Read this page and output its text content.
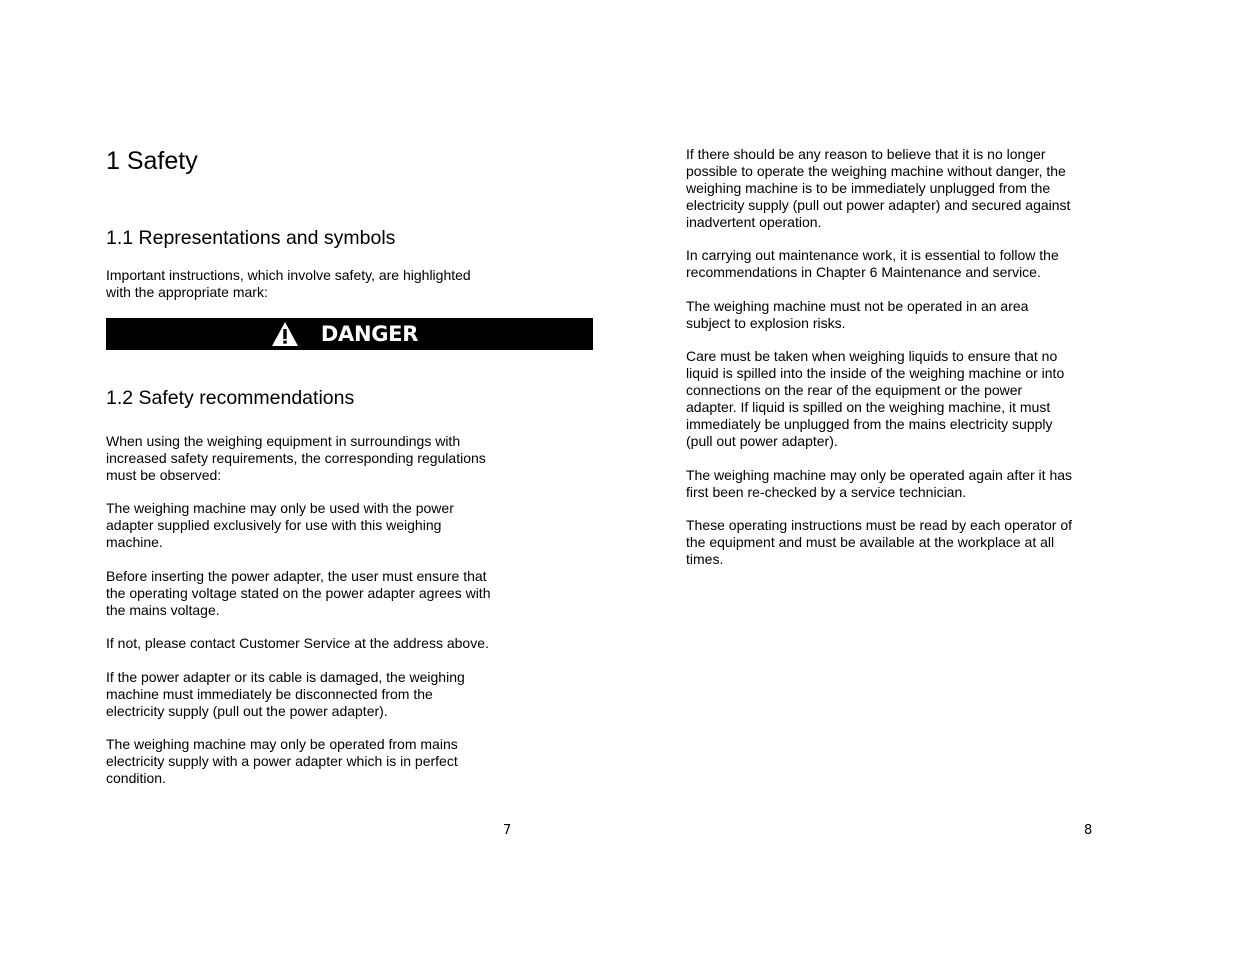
1 Safety
1.1 Representations and symbols

Important instructions, which involve safety, are highlighted
with the appropriate mark:

DANGER
1.2 Safety recommendations

When using the weighing equipment in surroundings with
increased safety requirements, the corresponding regulations
must be observed:

The weighing machine may only be used with the power
adapter supplied exclusively for use with this weighing
machine.

Before inserting the power adapter, the user must ensure that
the operating voltage stated on the power adapter agrees with
the mains voltage.

If not, please contact Customer Service at the address above.

If the power adapter or its cable is damaged, the weighing
machine must immediately be disconnected from the
electricity supply (pull out the power adapter).

The weighing machine may only be operated from mains
electricity supply with a power adapter which is in perfect
condition.

7

If there should be any reason to believe that it is no longer
possible to operate the weighing machine without danger, the
weighing machine is to be immediately unplugged from the
electricity supply (pull out power adapter) and secured against
inadvertent operation.

In carrying out maintenance work, it is essential to follow the
recommendations in Chapter 6 Maintenance and service.

The weighing machine must not be operated in an area
subject to explosion risks.

Care must be taken when weighing liquids to ensure that no
liquid is spilled into the inside of the weighing machine or into
connections on the rear of the equipment or the power
adapter. If liquid is spilled on the weighing machine, it must
immediately be unplugged from the mains electricity supply
(pull out power adapter).

The weighing machine may only be operated again after it has
first been re-checked by a service technician.

These operating instructions must be read by each operator of
the equipment and must be available at the workplace at all
times.

8
